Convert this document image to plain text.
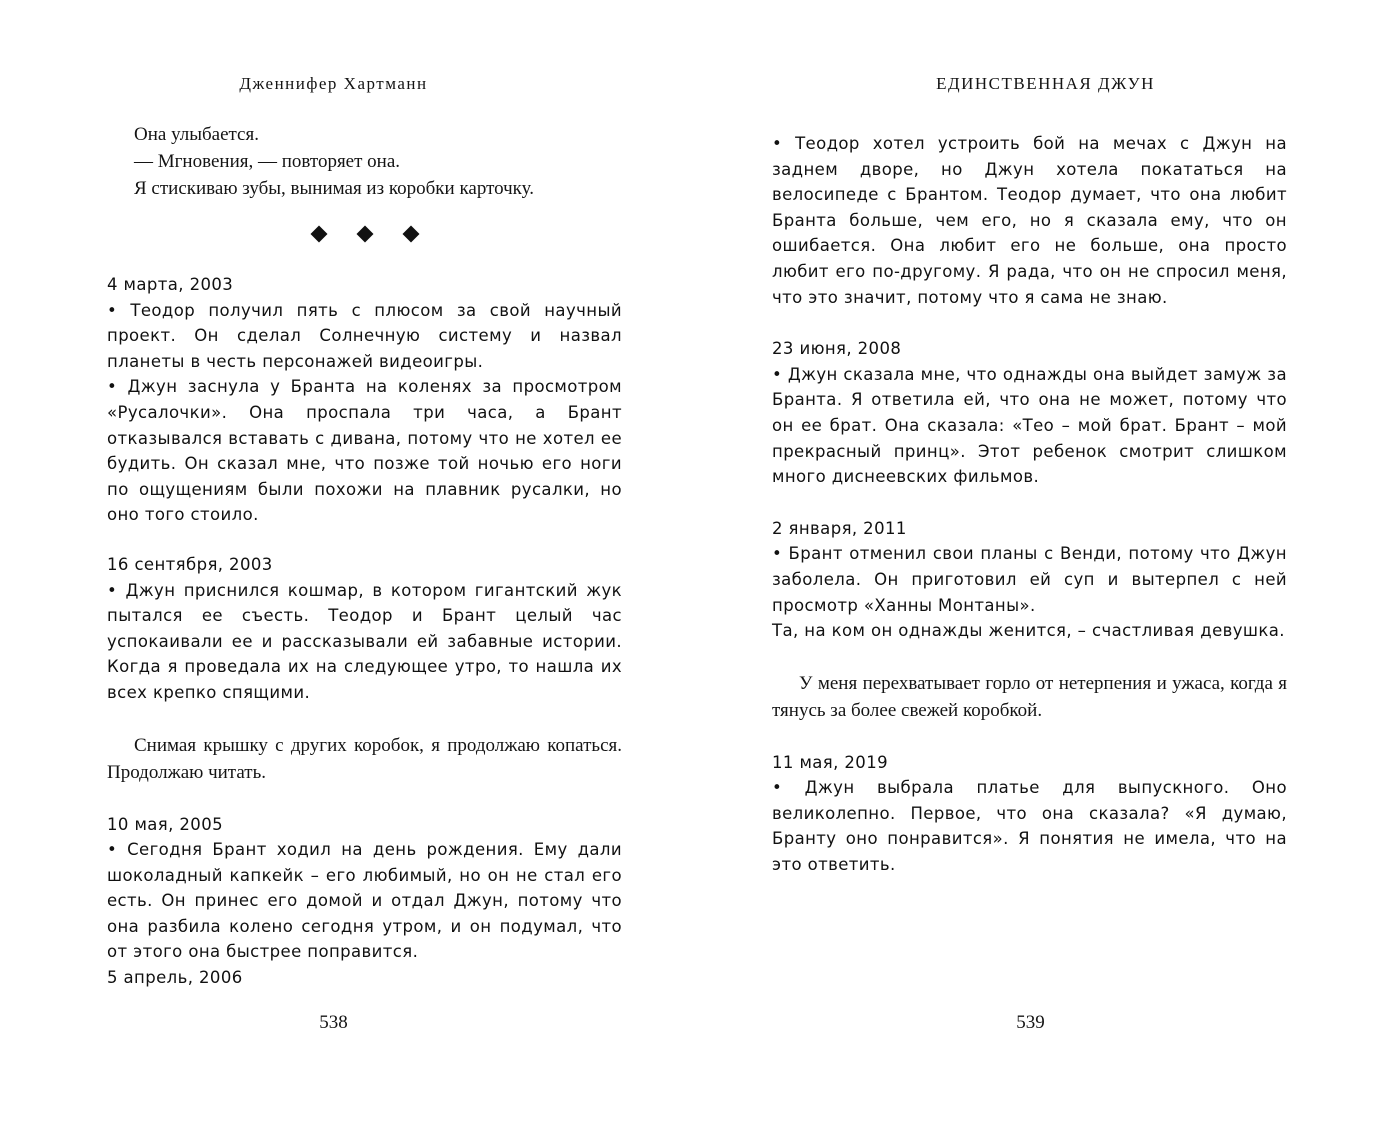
Дженнифер Хартманн
Она улыбается.
— Мгновения, — повторяет она.
Я стискиваю зубы, вынимая из коробки карточку.

4 марта, 2003
• Теодор получил пять с плюсом за свой научный проект. Он сделал Солнечную систему и назвал планеты в честь персонажей видеоигры.
• Джун заснула у Бранта на коленях за просмотром «Русалочки». Она проспала три часа, а Брант отказывался вставать с дивана, потому что не хотел ее будить. Он сказал мне, что позже той ночью его ноги по ощущениям были похожи на плавник русалки, но оно того стоило.
16 сентября, 2003
• Джун приснился кошмар, в котором гигантский жук пытался ее съесть. Теодор и Брант целый час успокаивали ее и рассказывали ей забавные истории. Когда я проведала их на следующее утро, то нашла их всех крепко спящими.

Снимая крышку с других коробок, я продолжаю копаться. Продолжаю читать.

10 мая, 2005
• Сегодня Брант ходил на день рождения. Ему дали шоколадный капкейк – его любимый, но он не стал его есть. Он принес его домой и отдал Джун, потому что она разбила колено сегодня утром, и он подумал, что от этого она быстрее поправится.
5 апрель, 2006
538
ЕДИНСТВЕННАЯ ДЖУН
• Теодор хотел устроить бой на мечах с Джун на заднем дворе, но Джун хотела покататься на велосипеде с Брантом. Теодор думает, что она любит Бранта больше, чем его, но я сказала ему, что он ошибается. Она любит его не больше, она просто любит его по-другому. Я рада, что он не спросил меня, что это значит, потому что я сама не знаю.
23 июня, 2008
• Джун сказала мне, что однажды она выйдет замуж за Бранта. Я ответила ей, что она не может, потому что он ее брат. Она сказала: «Тео – мой брат. Брант – мой прекрасный принц». Этот ребенок смотрит слишком много диснеевских фильмов.
2 января, 2011
• Брант отменил свои планы с Венди, потому что Джун заболела. Он приготовил ей суп и вытерпел с ней просмотр «Ханны Монтаны».
Та, на ком он однажды женится, – счастливая девушка.

У меня перехватывает горло от нетерпения и ужаса, когда я тянусь за более свежей коробкой.

11 мая, 2019
• Джун выбрала платье для выпускного. Оно великолепно. Первое, что она сказала? «Я думаю, Бранту оно понравится». Я понятия не имела, что на это ответить.
539
